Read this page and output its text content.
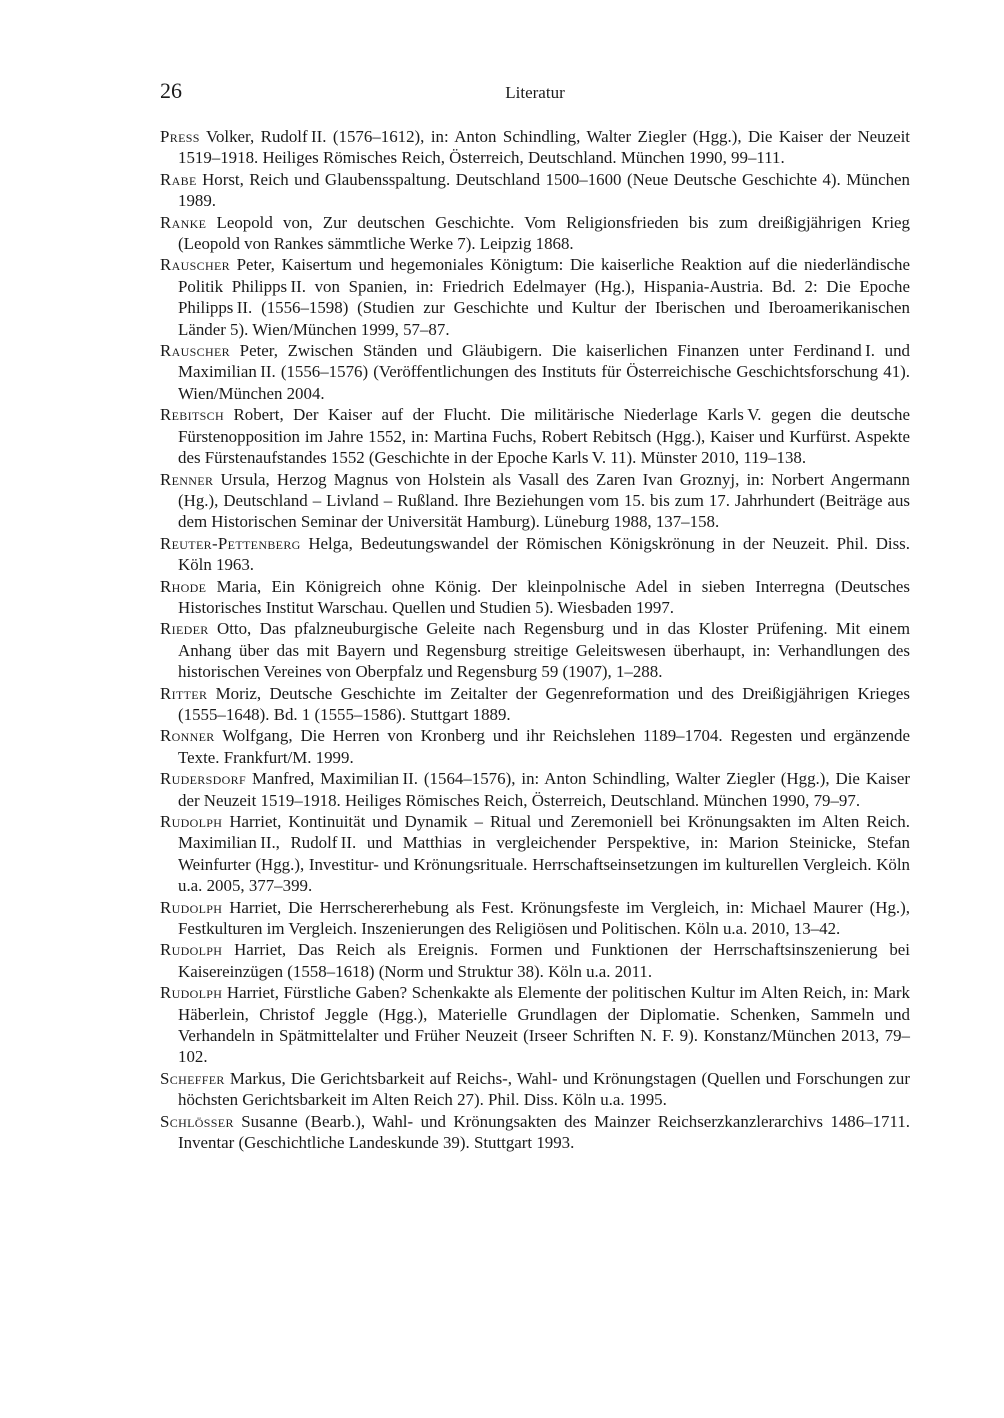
26	Literatur
Press Volker, Rudolf II. (1576–1612), in: Anton Schindling, Walter Ziegler (Hgg.), Die Kaiser der Neuzeit 1519–1918. Heiliges Römisches Reich, Österreich, Deutschland. München 1990, 99–111.
Rabe Horst, Reich und Glaubensspaltung. Deutschland 1500–1600 (Neue Deutsche Geschichte 4). München 1989.
Ranke Leopold von, Zur deutschen Geschichte. Vom Religionsfrieden bis zum dreißigjährigen Krieg (Leopold von Rankes sämmtliche Werke 7). Leipzig 1868.
Rauscher Peter, Kaisertum und hegemoniales Königtum: Die kaiserliche Reaktion auf die niederländische Politik Philipps II. von Spanien, in: Friedrich Edelmayer (Hg.), Hispania-Austria. Bd. 2: Die Epoche Philipps II. (1556–1598) (Studien zur Geschichte und Kultur der Iberischen und Iberoamerikanischen Länder 5). Wien/München 1999, 57–87.
Rauscher Peter, Zwischen Ständen und Gläubigern. Die kaiserlichen Finanzen unter Ferdinand I. und Maximilian II. (1556–1576) (Veröffentlichungen des Instituts für Österreichische Geschichtsforschung 41). Wien/München 2004.
Rebitsch Robert, Der Kaiser auf der Flucht. Die militärische Niederlage Karls V. gegen die deutsche Fürstenopposition im Jahre 1552, in: Martina Fuchs, Robert Rebitsch (Hgg.), Kaiser und Kurfürst. Aspekte des Fürstenaufstandes 1552 (Geschichte in der Epoche Karls V. 11). Münster 2010, 119–138.
Renner Ursula, Herzog Magnus von Holstein als Vasall des Zaren Ivan Groznyj, in: Norbert Angermann (Hg.), Deutschland – Livland – Rußland. Ihre Beziehungen vom 15. bis zum 17. Jahrhundert (Beiträge aus dem Historischen Seminar der Universität Hamburg). Lüneburg 1988, 137–158.
Reuter-Pettenberg Helga, Bedeutungswandel der Römischen Königskrönung in der Neuzeit. Phil. Diss. Köln 1963.
Rhode Maria, Ein Königreich ohne König. Der kleinpolnische Adel in sieben Interregna (Deutsches Historisches Institut Warschau. Quellen und Studien 5). Wiesbaden 1997.
Rieder Otto, Das pfalzneuburgische Geleite nach Regensburg und in das Kloster Prüfening. Mit einem Anhang über das mit Bayern und Regensburg streitige Geleitswesen überhaupt, in: Verhandlungen des historischen Vereines von Oberpfalz und Regensburg 59 (1907), 1–288.
Ritter Moriz, Deutsche Geschichte im Zeitalter der Gegenreformation und des Dreißigjährigen Krieges (1555–1648). Bd. 1 (1555–1586). Stuttgart 1889.
Ronner Wolfgang, Die Herren von Kronberg und ihr Reichslehen 1189–1704. Regesten und ergänzende Texte. Frankfurt/M. 1999.
Rudersdorf Manfred, Maximilian II. (1564–1576), in: Anton Schindling, Walter Ziegler (Hgg.), Die Kaiser der Neuzeit 1519–1918. Heiliges Römisches Reich, Österreich, Deutschland. München 1990, 79–97.
Rudolph Harriet, Kontinuität und Dynamik – Ritual und Zeremoniell bei Krönungsakten im Alten Reich. Maximilian II., Rudolf II. und Matthias in vergleichender Perspektive, in: Marion Steinicke, Stefan Weinfurter (Hgg.), Investitur- und Krönungsrituale. Herrschaftseinsetzungen im kulturellen Vergleich. Köln u.a. 2005, 377–399.
Rudolph Harriet, Die Herrschererhebung als Fest. Krönungsfeste im Vergleich, in: Michael Maurer (Hg.), Festkulturen im Vergleich. Inszenierungen des Religiösen und Politischen. Köln u.a. 2010, 13–42.
Rudolph Harriet, Das Reich als Ereignis. Formen und Funktionen der Herrschaftsinszenierung bei Kaisereinzügen (1558–1618) (Norm und Struktur 38). Köln u.a. 2011.
Rudolph Harriet, Fürstliche Gaben? Schenkakte als Elemente der politischen Kultur im Alten Reich, in: Mark Häberlein, Christof Jeggle (Hgg.), Materielle Grundlagen der Diplomatie. Schenken, Sammeln und Verhandeln in Spätmittelalter und Früher Neuzeit (Irseer Schriften N. F. 9). Konstanz/München 2013, 79–102.
Scheffer Markus, Die Gerichtsbarkeit auf Reichs-, Wahl- und Krönungstagen (Quellen und Forschungen zur höchsten Gerichtsbarkeit im Alten Reich 27). Phil. Diss. Köln u.a. 1995.
Schlösser Susanne (Bearb.), Wahl- und Krönungsakten des Mainzer Reichserzkanzlerarchivs 1486–1711. Inventar (Geschichtliche Landeskunde 39). Stuttgart 1993.
